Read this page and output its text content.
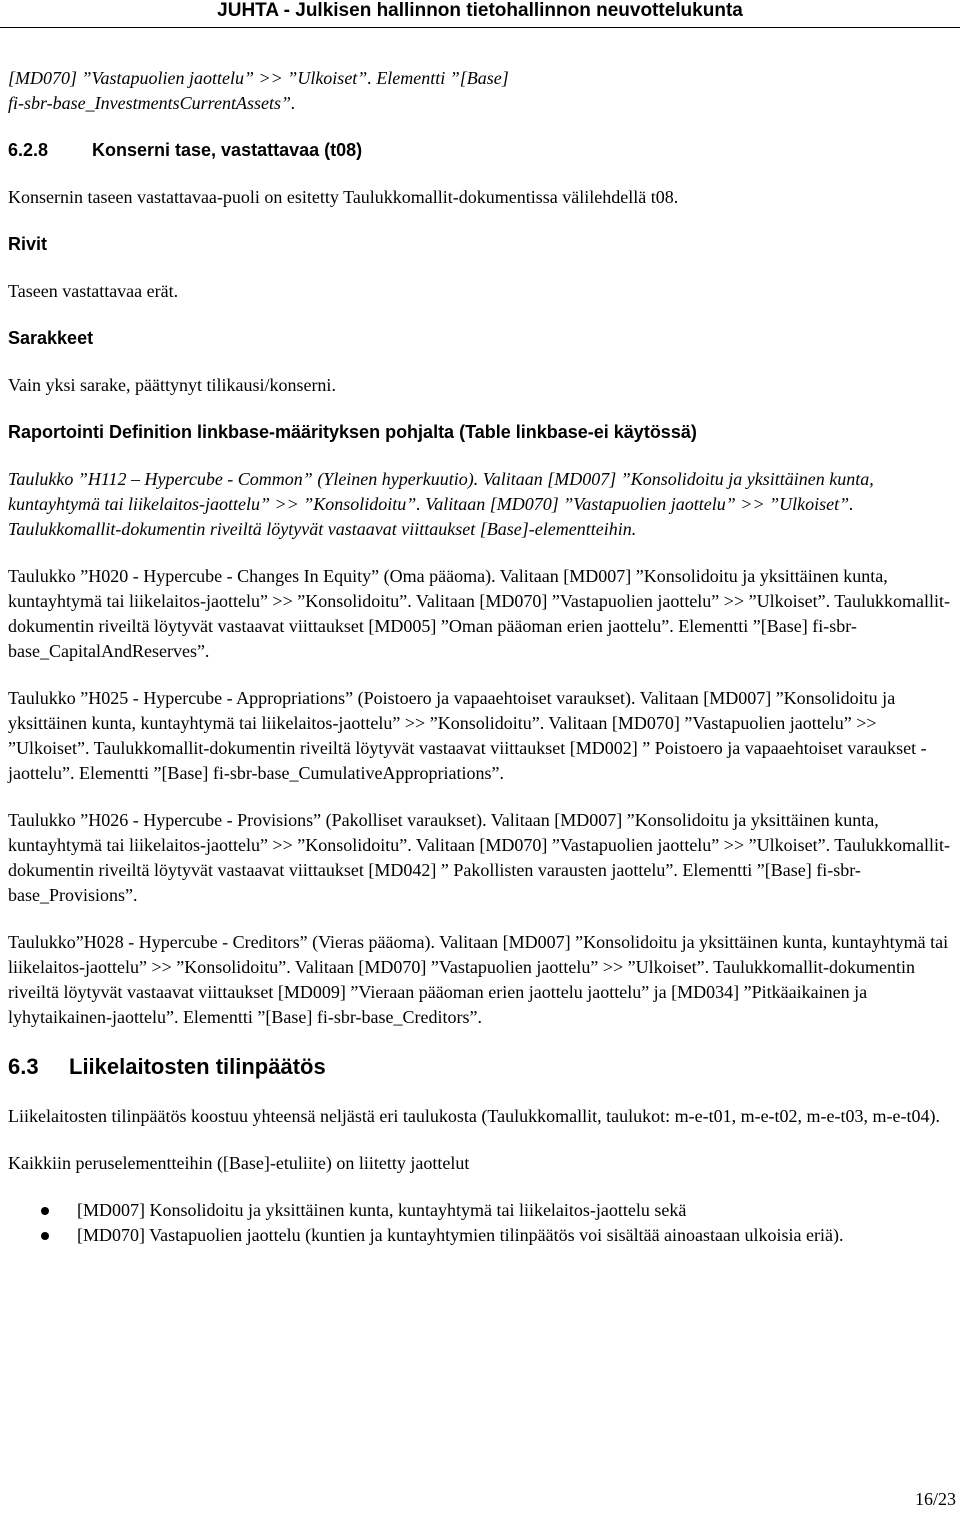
JUHTA - Julkisen hallinnon tietohallinnon neuvottelukunta

[MD070] ”Vastapuolien jaottelu” >> ”Ulkoiset”. Elementti ”[Base]

fi-sbr-base_InvestmentsCurrentAssets”.

6.2.8	Konserni tase, vastattavaa (t08)

Konsernin taseen vastattavaa-puoli on esitetty Taulukkomallit-dokumentissa välilehdellä t08.

Rivit

Taseen vastattavaa erät.

Sarakkeet

Vain yksi sarake, päättynyt tilikausi/konserni.

Raportointi Definition linkbase-määrityksen pohjalta (Table linkbase-ei käytössä)

Taulukko ”H112 – Hypercube - Common” (Yleinen hyperkuutio). Valitaan [MD007] ”Konsolidoitu ja yksittäinen kunta, kuntayhtymä tai liikelaitos-jaottelu” >> ”Konsolidoitu”. Valitaan [MD070] ”Vastapuolien jaottelu” >> ”Ulkoiset”. Taulukkomallit-dokumentin riveiltä löytyvät vastaavat viittaukset [Base]-elementteihin.

Taulukko ”H020 - Hypercube - Changes In Equity” (Oma pääoma). Valitaan [MD007] ”Konsolidoitu ja yksittäinen kunta, kuntayhtymä tai liikelaitos-jaottelu” >> ”Konsolidoitu”. Valitaan [MD070] ”Vastapuolien jaottelu” >> ”Ulkoiset”. Taulukkomallit-dokumentin riveiltä löytyvät vastaavat viittaukset [MD005] ”Oman pääoman erien jaottelu”. Elementti ”[Base] fi-sbr-base_CapitalAndReserves”.

Taulukko ”H025 - Hypercube - Appropriations” (Poistoero ja vapaaehtoiset varaukset). Valitaan [MD007] ”Konsolidoitu ja yksittäinen kunta, kuntayhtymä tai liikelaitos-jaottelu” >> ”Konsolidoitu”. Valitaan [MD070] ”Vastapuolien jaottelu” >> ”Ulkoiset”. Taulukkomallit-dokumentin riveiltä löytyvät vastaavat viittaukset [MD002] ” Poistoero ja vapaaehtoiset varaukset -jaottelu”. Elementti ”[Base] fi-sbr-base_CumulativeAppropriations”.

Taulukko ”H026 - Hypercube - Provisions” (Pakolliset varaukset). Valitaan [MD007] ”Konsolidoitu ja yksittäinen kunta, kuntayhtymä tai liikelaitos-jaottelu” >> ”Konsolidoitu”. Valitaan [MD070] ”Vastapuolien jaottelu” >> ”Ulkoiset”. Taulukkomallit-dokumentin riveiltä löytyvät vastaavat viittaukset [MD042] ” Pakollisten varausten jaottelu”. Elementti ”[Base] fi-sbr-base_Provisions”.

Taulukko”H028 - Hypercube - Creditors” (Vieras pääoma). Valitaan [MD007] ”Konsolidoitu ja yksittäinen kunta, kuntayhtymä tai liikelaitos-jaottelu” >> ”Konsolidoitu”. Valitaan [MD070] ”Vastapuolien jaottelu” >> ”Ulkoiset”. Taulukkomallit-dokumentin riveiltä löytyvät vastaavat viittaukset [MD009] ”Vieraan pääoman erien jaottelu jaottelu” ja [MD034] ”Pitkäaikainen ja lyhytaikainen-jaottelu”. Elementti ”[Base] fi-sbr-base_Creditors”.

6.3	Liikelaitosten tilinpäätös

Liikelaitosten tilinpäätös koostuu yhteensä neljästä eri taulukosta (Taulukkomallit, taulukot: m-e-t01, m-e-t02, m-e-t03, m-e-t04).

Kaikkiin peruselementteihin ([Base]-etuliite) on liitetty jaottelut

[MD007] Konsolidoitu ja yksittäinen kunta, kuntayhtymä tai liikelaitos-jaottelu sekä
[MD070] Vastapuolien jaottelu (kuntien ja kuntayhtymien tilinpäätös voi sisältää ainoastaan ulkoisia eriä).
16/23
